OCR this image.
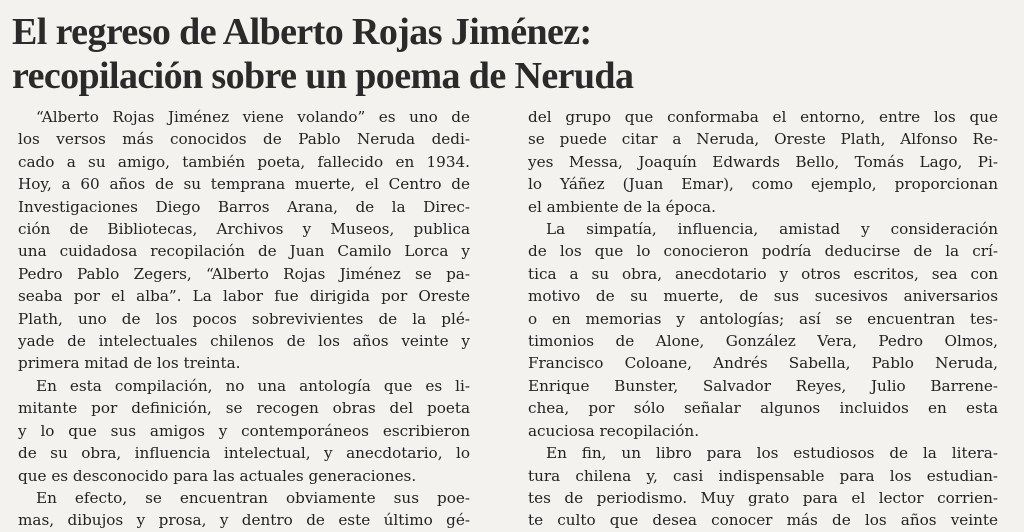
El regreso de Alberto Rojas Jiménez:
recopilación sobre un poema de Neruda
“Alberto Rojas Jiménez viene volando” es uno de
los versos más conocidos de Pablo Neruda dedi-
cado a su amigo, también poeta, fallecido en 1934.
Hoy, a 60 años de su temprana muerte, el Centro de
Investigaciones Diego Barros Arana, de la Direc-
ción de Bibliotecas, Archivos y Museos, publica
una cuidadosa recopilación de Juan Camilo Lorca y
Pedro Pablo Zegers, “Alberto Rojas Jiménez se pa-
seaba por el alba”. La labor fue dirigida por Oreste
Plath, uno de los pocos sobrevivientes de la plé-
yade de intelectuales chilenos de los años veinte y
primera mitad de los treinta.
En esta compilación, no una antología que es li-
mitante por definición, se recogen obras del poeta
y lo que sus amigos y contemporáneos escribieron
de su obra, influencia intelectual, y anecdotario, lo
que es desconocido para las actuales generaciones.
En efecto, se encuentran obviamente sus poe-
mas, dibujos y prosa, y dentro de este último gé-
del grupo que conformaba el entorno, entre los que
se puede citar a Neruda, Oreste Plath, Alfonso Re-
yes Messa, Joaquín Edwards Bello, Tomás Lago, Pi-
lo Yáñez (Juan Emar), como ejemplo, proporcionan
el ambiente de la época.
La simpatía, influencia, amistad y consideración
de los que lo conocieron podría deducirse de la crí-
tica a su obra, anecdotario y otros escritos, sea con
motivo de su muerte, de sus sucesivos aniversarios
o en memorias y antologías; así se encuentran tes-
timonios de Alone, González Vera, Pedro Olmos,
Francisco Coloane, Andrés Sabella, Pablo Neruda,
Enrique Bunster, Salvador Reyes, Julio Barrene-
chea, por sólo señalar algunos incluidos en esta
acuciosa recopilación.
En fin, un libro para los estudiosos de la litera-
tura chilena y, casi indispensable para los estudian-
tes de periodismo. Muy grato para el lector corrien-
te culto que desea conocer más de los años veinte
